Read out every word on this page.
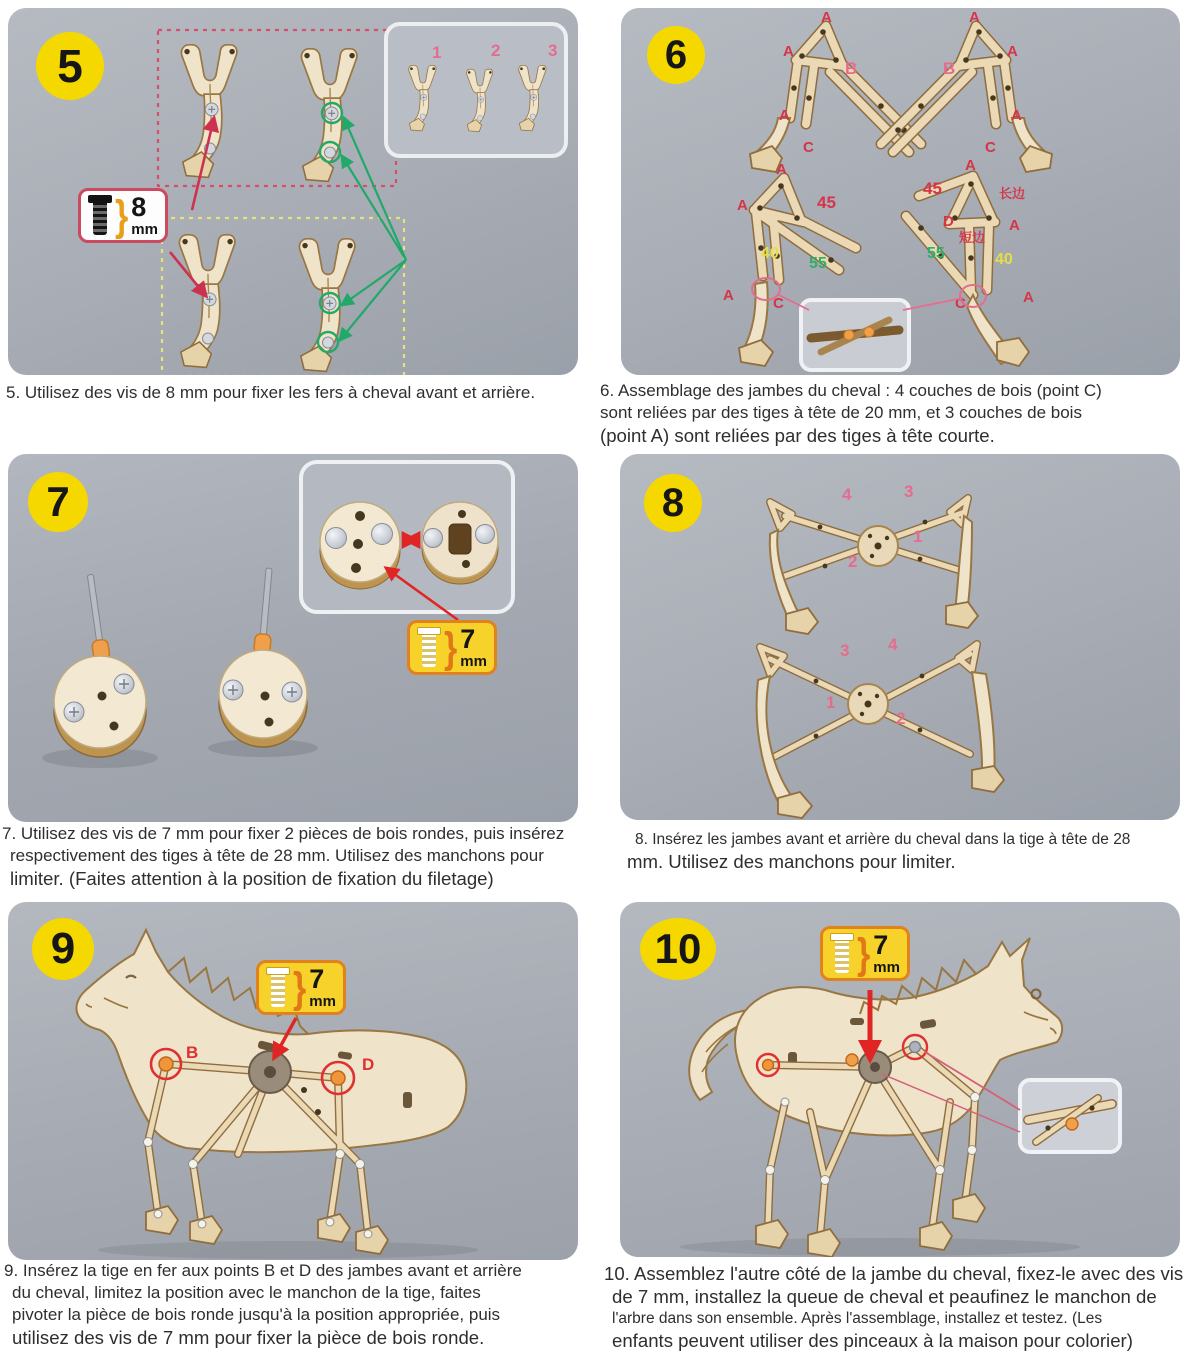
1	2	3
5
} 8
mm
A
A
B
A
C
A
A
B
A
C
A
A	45
40
55
A	C
A
45	长边
D
短边
A
55	40
C	A
6
7
} 7
mm
4	3
1
2
3 4
1
2
8
B
D
9
} 7
mm
10	} 7
mm
5. Utilisez des vis de 8 mm pour fixer les fers à cheval avant et arrière.	6. Assemblage des jambes du cheval : 4 couches de bois (point C)
sont reliées par des tiges à tête de 20 mm, et 3 couches de bois
(point A) sont reliées par des tiges à tête courte.
7. Utilisez des vis de 7 mm pour fixer 2 pièces de bois rondes, puis insérez
respectivement des tiges à tête de 28 mm. Utilisez des manchons pour
limiter. (Faites attention à la position de fixation du filetage)
8. Insérez les jambes avant et arrière du cheval dans la tige à tête de 28
mm. Utilisez des manchons pour limiter.
9. Insérez la tige en fer aux points B et D des jambes avant et arrière
du cheval, limitez la position avec le manchon de la tige, faites
pivoter la pièce de bois ronde jusqu'à la position appropriée, puis
utilisez des vis de 7 mm pour fixer la pièce de bois ronde.
10. Assemblez l'autre côté de la jambe du cheval, fixez-le avec des vis
de 7 mm, installez la queue de cheval et peaufinez le manchon de
l'arbre dans son ensemble. Après l'assemblage, installez et testez. (Les
enfants peuvent utiliser des pinceaux à la maison pour colorier)
